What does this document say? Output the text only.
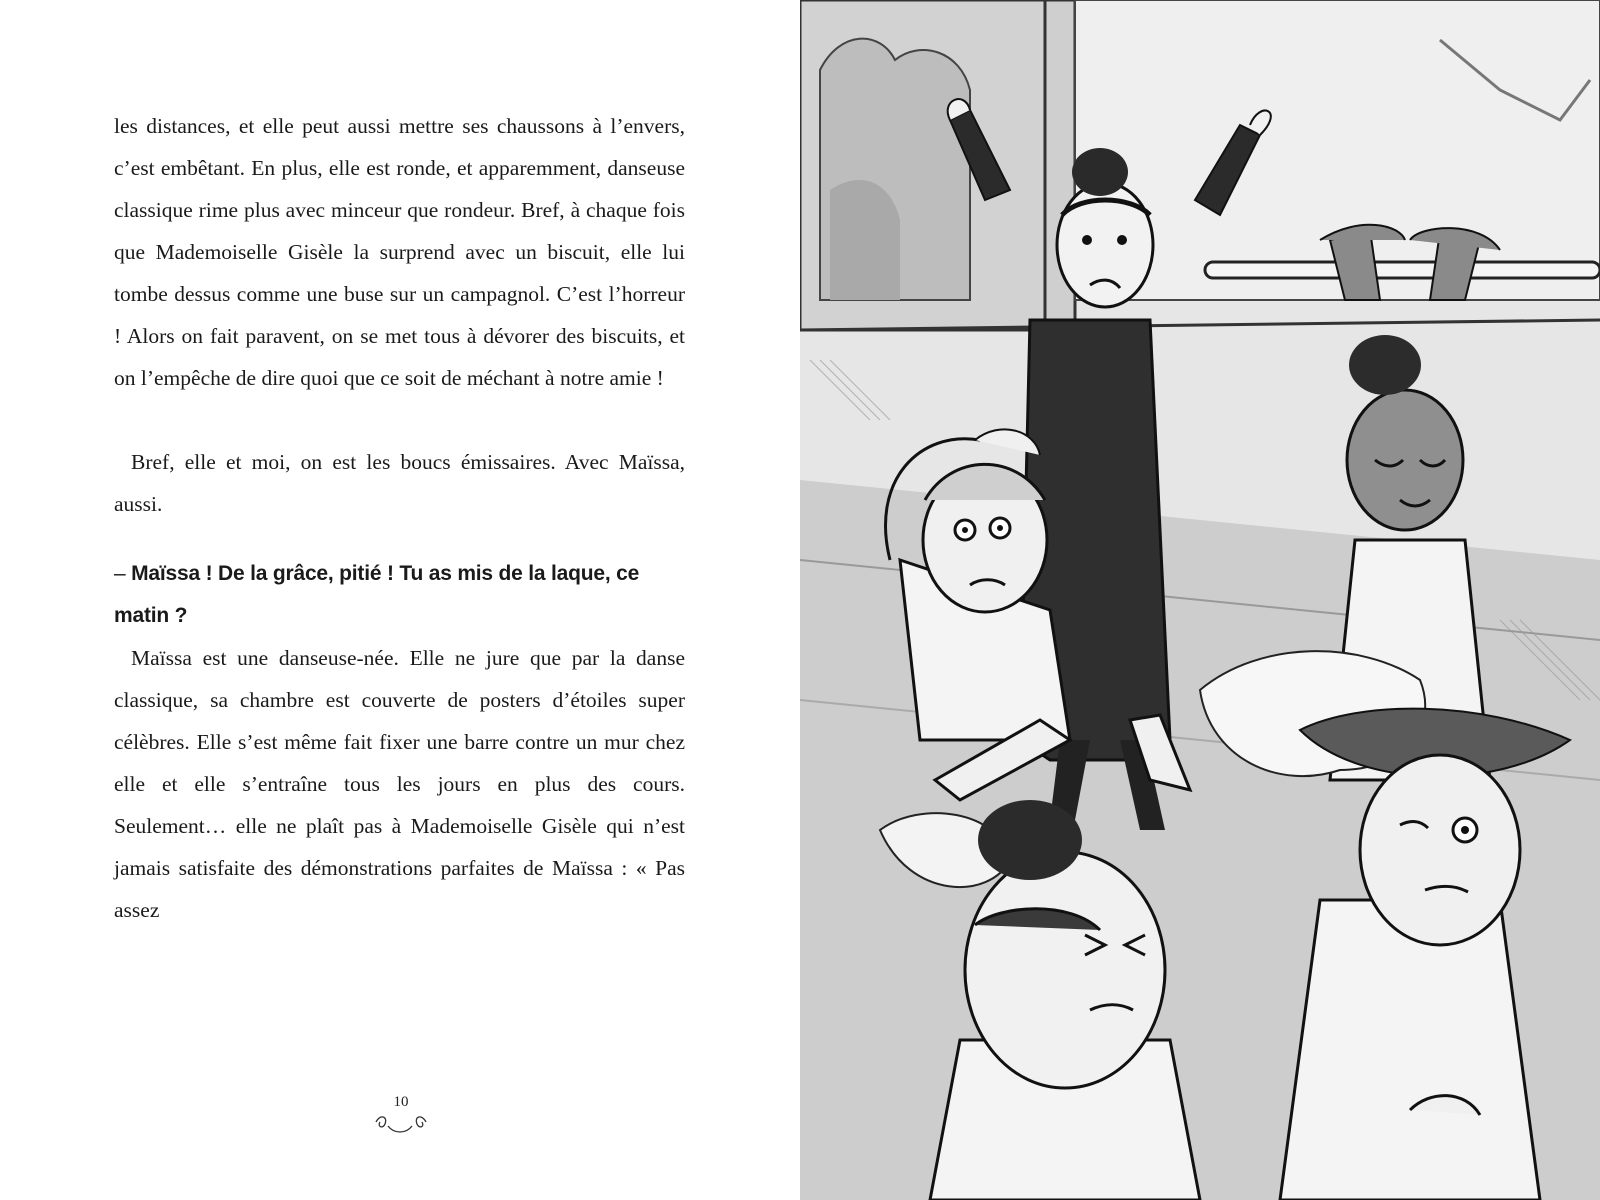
les distances, et elle peut aussi mettre ses chaussons à l’envers, c’est embêtant. En plus, elle est ronde, et apparemment, danseuse classique rime plus avec minceur que rondeur. Bref, à chaque fois que Mademoiselle Gisèle la surprend avec un biscuit, elle lui tombe dessus comme une buse sur un campagnol. C’est l’horreur ! Alors on fait paravent, on se met tous à dévorer des biscuits, et on l’empêche de dire quoi que ce soit de méchant à notre amie !

Bref, elle et moi, on est les boucs émissaires. Avec Maïssa, aussi.

– Maïssa ! De la grâce, pitié ! Tu as mis de la laque, ce matin ?

Maïssa est une danseuse-née. Elle ne jure que par la danse classique, sa chambre est couverte de posters d’étoiles super célèbres. Elle s’est même fait fixer une barre contre un mur chez elle et elle s’entraîne tous les jours en plus des cours. Seulement… elle ne plaît pas à Mademoiselle Gisèle qui n’est jamais satisfaite des démonstrations parfaites de Maïssa : « Pas assez

10
